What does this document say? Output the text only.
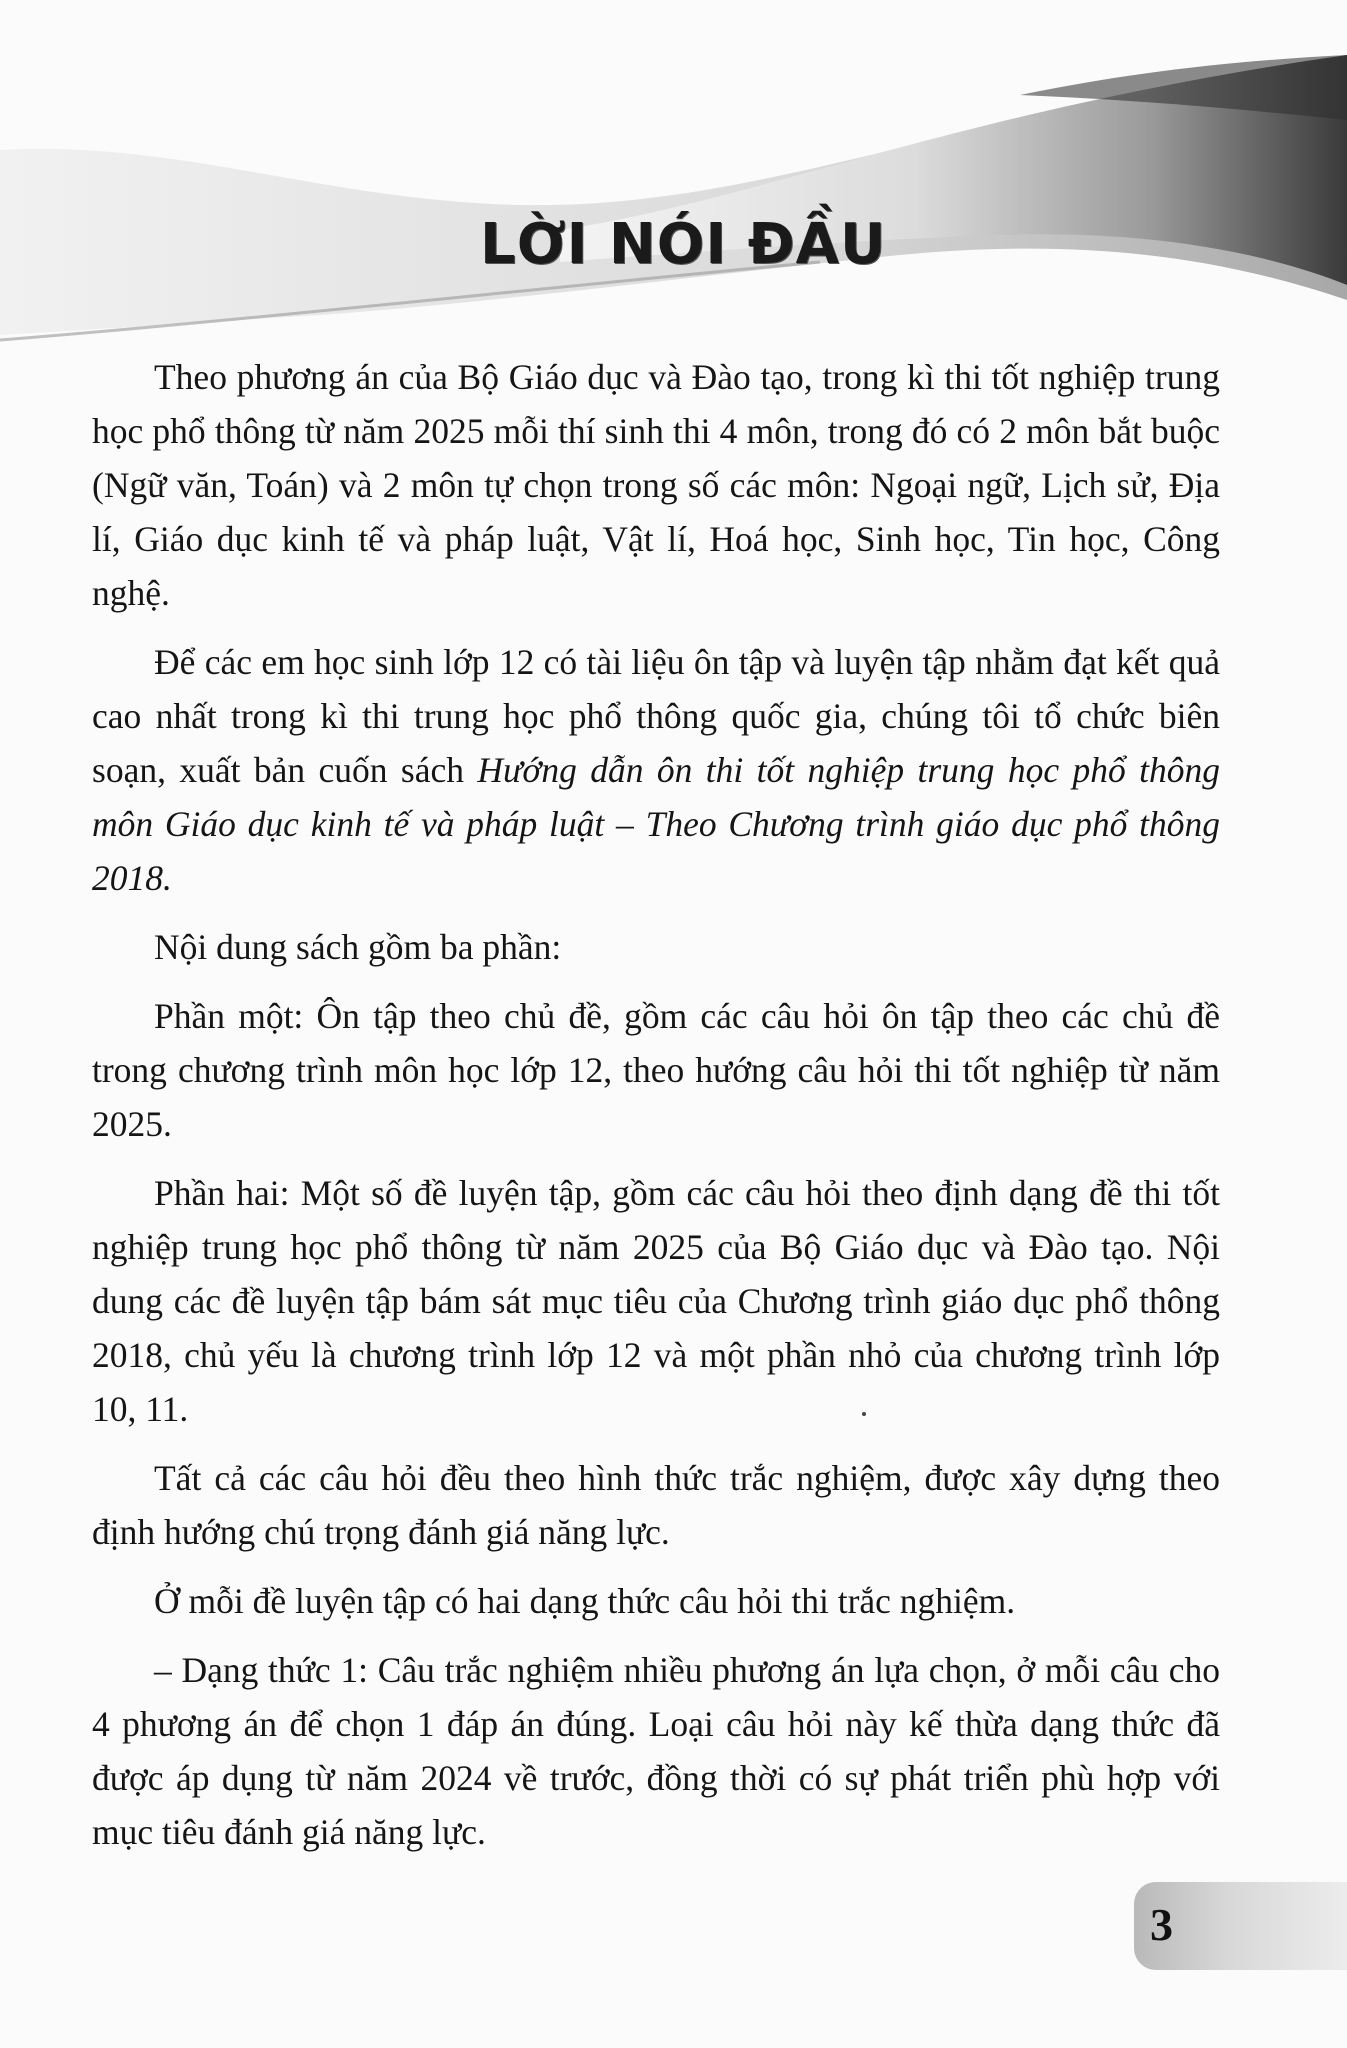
LỜI NÓI ĐẦU

Theo phương án của Bộ Giáo dục và Đào tạo, trong kì thi tốt nghiệp trung học phổ thông từ năm 2025 mỗi thí sinh thi 4 môn, trong đó có 2 môn bắt buộc (Ngữ văn, Toán) và 2 môn tự chọn trong số các môn: Ngoại ngữ, Lịch sử, Địa lí, Giáo dục kinh tế và pháp luật, Vật lí, Hoá học, Sinh học, Tin học, Công nghệ.

Để các em học sinh lớp 12 có tài liệu ôn tập và luyện tập nhằm đạt kết quả cao nhất trong kì thi trung học phổ thông quốc gia, chúng tôi tổ chức biên soạn, xuất bản cuốn sách Hướng dẫn ôn thi tốt nghiệp trung học phổ thông môn Giáo dục kinh tế và pháp luật – Theo Chương trình giáo dục phổ thông 2018.

Nội dung sách gồm ba phần:

Phần một: Ôn tập theo chủ đề, gồm các câu hỏi ôn tập theo các chủ đề trong chương trình môn học lớp 12, theo hướng câu hỏi thi tốt nghiệp từ năm 2025.

Phần hai: Một số đề luyện tập, gồm các câu hỏi theo định dạng đề thi tốt nghiệp trung học phổ thông từ năm 2025 của Bộ Giáo dục và Đào tạo. Nội dung các đề luyện tập bám sát mục tiêu của Chương trình giáo dục phổ thông 2018, chủ yếu là chương trình lớp 12 và một phần nhỏ của chương trình lớp 10, 11.

Tất cả các câu hỏi đều theo hình thức trắc nghiệm, được xây dựng theo định hướng chú trọng đánh giá năng lực.

Ở mỗi đề luyện tập có hai dạng thức câu hỏi thi trắc nghiệm.

– Dạng thức 1: Câu trắc nghiệm nhiều phương án lựa chọn, ở mỗi câu cho 4 phương án để chọn 1 đáp án đúng. Loại câu hỏi này kế thừa dạng thức đã được áp dụng từ năm 2024 về trước, đồng thời có sự phát triển phù hợp với mục tiêu đánh giá năng lực.

3
